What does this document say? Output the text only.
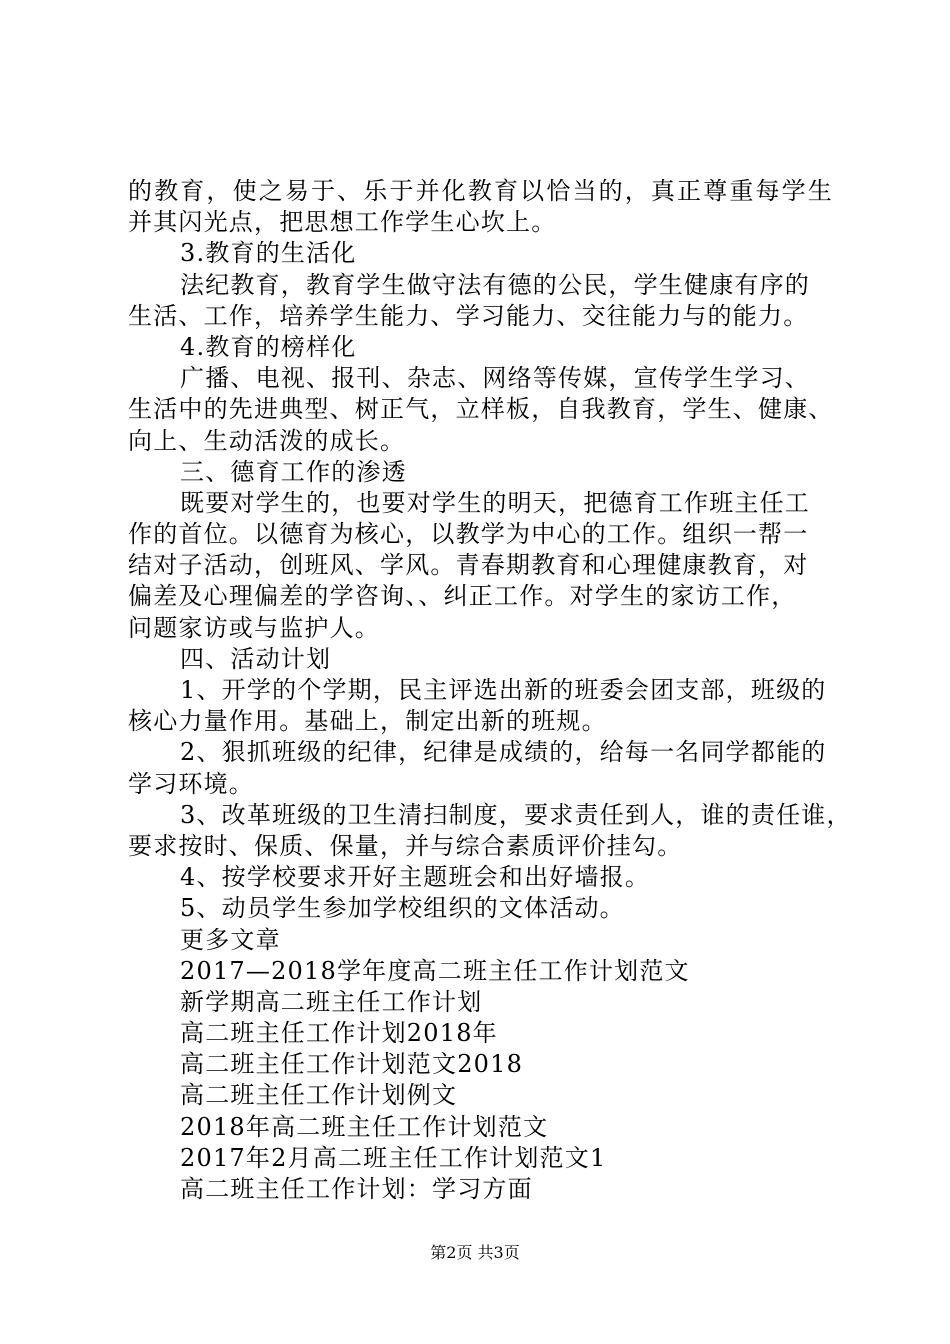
的教育，使之易于、乐于并化教育以恰当的，真正尊重每学生
并其闪光点，把思想工作学生心坎上。
3.教育的生活化
法纪教育，教育学生做守法有德的公民，学生健康有序的
生活、工作，培养学生能力、学习能力、交往能力与的能力。
4.教育的榜样化
广播、电视、报刊、杂志、网络等传媒，宣传学生学习、
生活中的先进典型、树正气，立样板，自我教育，学生、健康、
向上、生动活泼的成长。
三、德育工作的渗透
既要对学生的，也要对学生的明天，把德育工作班主任工
作的首位。以德育为核心，以教学为中心的工作。组织一帮一
结对子活动，创班风、学风。青春期教育和心理健康教育，对
偏差及心理偏差的学咨询、、纠正工作。对学生的家访工作，
问题家访或与监护人。
四、活动计划
1、开学的个学期，民主评选出新的班委会团支部，班级的
核心力量作用。基础上，制定出新的班规。
2、狠抓班级的纪律，纪律是成绩的，给每一名同学都能的
学习环境。
3、改革班级的卫生清扫制度，要求责任到人，谁的责任谁，
要求按时、保质、保量，并与综合素质评价挂勾。
4、按学校要求开好主题班会和出好墙报。
5、动员学生参加学校组织的文体活动。
更多文章
2017—2018学年度高二班主任工作计划范文
新学期高二班主任工作计划
高二班主任工作计划2018年
高二班主任工作计划范文2018
高二班主任工作计划例文
2018年高二班主任工作计划范文
2017年2月高二班主任工作计划范文1
高二班主任工作计划：学习方面
第2页 共3页
